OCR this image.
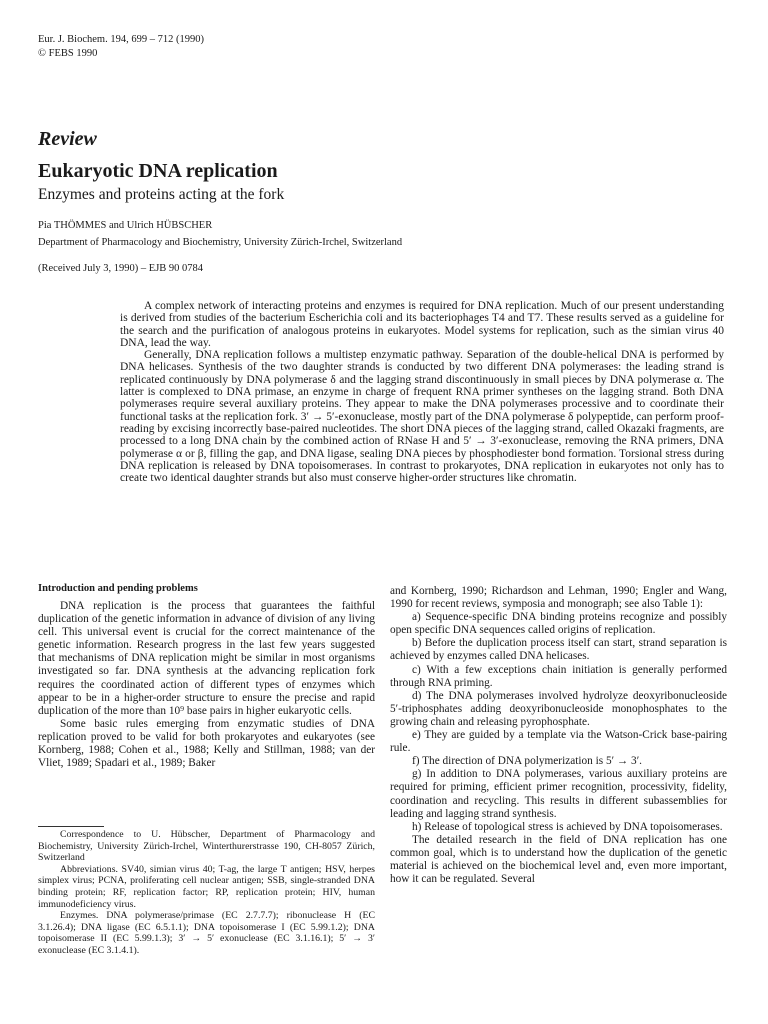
Eur. J. Biochem. 194, 699 – 712 (1990)
© FEBS 1990
Review
Eukaryotic DNA replication
Enzymes and proteins acting at the fork
Pia THÖMMES and Ulrich HÜBSCHER
Department of Pharmacology and Biochemistry, University Zürich-Irchel, Switzerland
(Received July 3, 1990) – EJB 90 0784

A complex network of interacting proteins and enzymes is required for DNA replication. Much of our present understanding is derived from studies of the bacterium Escherichia coli and its bacteriophages T4 and T7. These results served as a guideline for the search and the purification of analogous proteins in eukaryotes. Model systems for replication, such as the simian virus 40 DNA, lead the way.

Generally, DNA replication follows a multistep enzymatic pathway. Separation of the double-helical DNA is performed by DNA helicases. Synthesis of the two daughter strands is conducted by two different DNA polymerases: the leading strand is replicated continuously by DNA polymerase δ and the lagging strand discontinuously in small pieces by DNA polymerase α. The latter is complexed to DNA primase, an enzyme in charge of frequent RNA primer syntheses on the lagging strand. Both DNA polymerases require several auxiliary proteins. They appear to make the DNA polymerases processive and to coordinate their functional tasks at the replication fork. 3′ → 5′-exonuclease, mostly part of the DNA polymerase δ polypeptide, can perform proof-reading by excising incorrectly base-paired nucleotides. The short DNA pieces of the lagging strand, called Okazaki fragments, are processed to a long DNA chain by the combined action of RNase H and 5′ → 3′-exonuclease, removing the RNA primers, DNA polymerase α or β, filling the gap, and DNA ligase, sealing DNA pieces by phosphodiester bond formation. Torsional stress during DNA replication is released by DNA topoisomerases. In contrast to prokaryotes, DNA replication in eukaryotes not only has to create two identical daughter strands but also must conserve higher-order structures like chromatin.

Introduction and pending problems

DNA replication is the process that guarantees the faithful duplication of the genetic information in advance of division of any living cell. This universal event is crucial for the correct maintenance of the genetic information. Research progress in the last few years suggested that mechanisms of DNA replication might be similar in most organisms investigated so far. DNA synthesis at the advancing replication fork requires the coordinated action of different types of enzymes which appear to be in a higher-order structure to ensure the precise and rapid duplication of the more than 10⁹ base pairs in higher eukaryotic cells.

Some basic rules emerging from enzymatic studies of DNA replication proved to be valid for both prokaryotes and eukaryotes (see Kornberg, 1988; Cohen et al., 1988; Kelly and Stillman, 1988; van der Vliet, 1989; Spadari et al., 1989; Baker

Correspondence to U. Hübscher, Department of Pharmacology and Biochemistry, University Zürich-Irchel, Winterthurerstrasse 190, CH-8057 Zürich, Switzerland

Abbreviations. SV40, simian virus 40; T-ag, the large T antigen; HSV, herpes simplex virus; PCNA, proliferating cell nuclear antigen; SSB, single-stranded DNA binding protein; RF, replication factor; RP, replication protein; HIV, human immunodeficiency virus.

Enzymes. DNA polymerase/primase (EC 2.7.7.7); ribonuclease H (EC 3.1.26.4); DNA ligase (EC 6.5.1.1); DNA topoisomerase I (EC 5.99.1.2); DNA topoisomerase II (EC 5.99.1.3); 3′ → 5′ exonuclease (EC 3.1.16.1); 5′ → 3′ exonuclease (EC 3.1.4.1).

and Kornberg, 1990; Richardson and Lehman, 1990; Engler and Wang, 1990 for recent reviews, symposia and monograph; see also Table 1):

a) Sequence-specific DNA binding proteins recognize and possibly open specific DNA sequences called origins of replication.

b) Before the duplication process itself can start, strand separation is achieved by enzymes called DNA helicases.

c) With a few exceptions chain initiation is generally performed through RNA priming.

d) The DNA polymerases involved hydrolyze deoxyribonucleoside 5′-triphosphates adding deoxyribonucleoside monophosphates to the growing chain and releasing pyrophosphate.

e) They are guided by a template via the Watson-Crick base-pairing rule.

f) The direction of DNA polymerization is 5′ → 3′.

g) In addition to DNA polymerases, various auxiliary proteins are required for priming, efficient primer recognition, processivity, fidelity, coordination and recycling. This results in different subassemblies for leading and lagging strand synthesis.

h) Release of topological stress is achieved by DNA topoisomerases.

The detailed research in the field of DNA replication has one common goal, which is to understand how the duplication of the genetic material is achieved on the biochemical level and, even more important, how it can be regulated. Several
